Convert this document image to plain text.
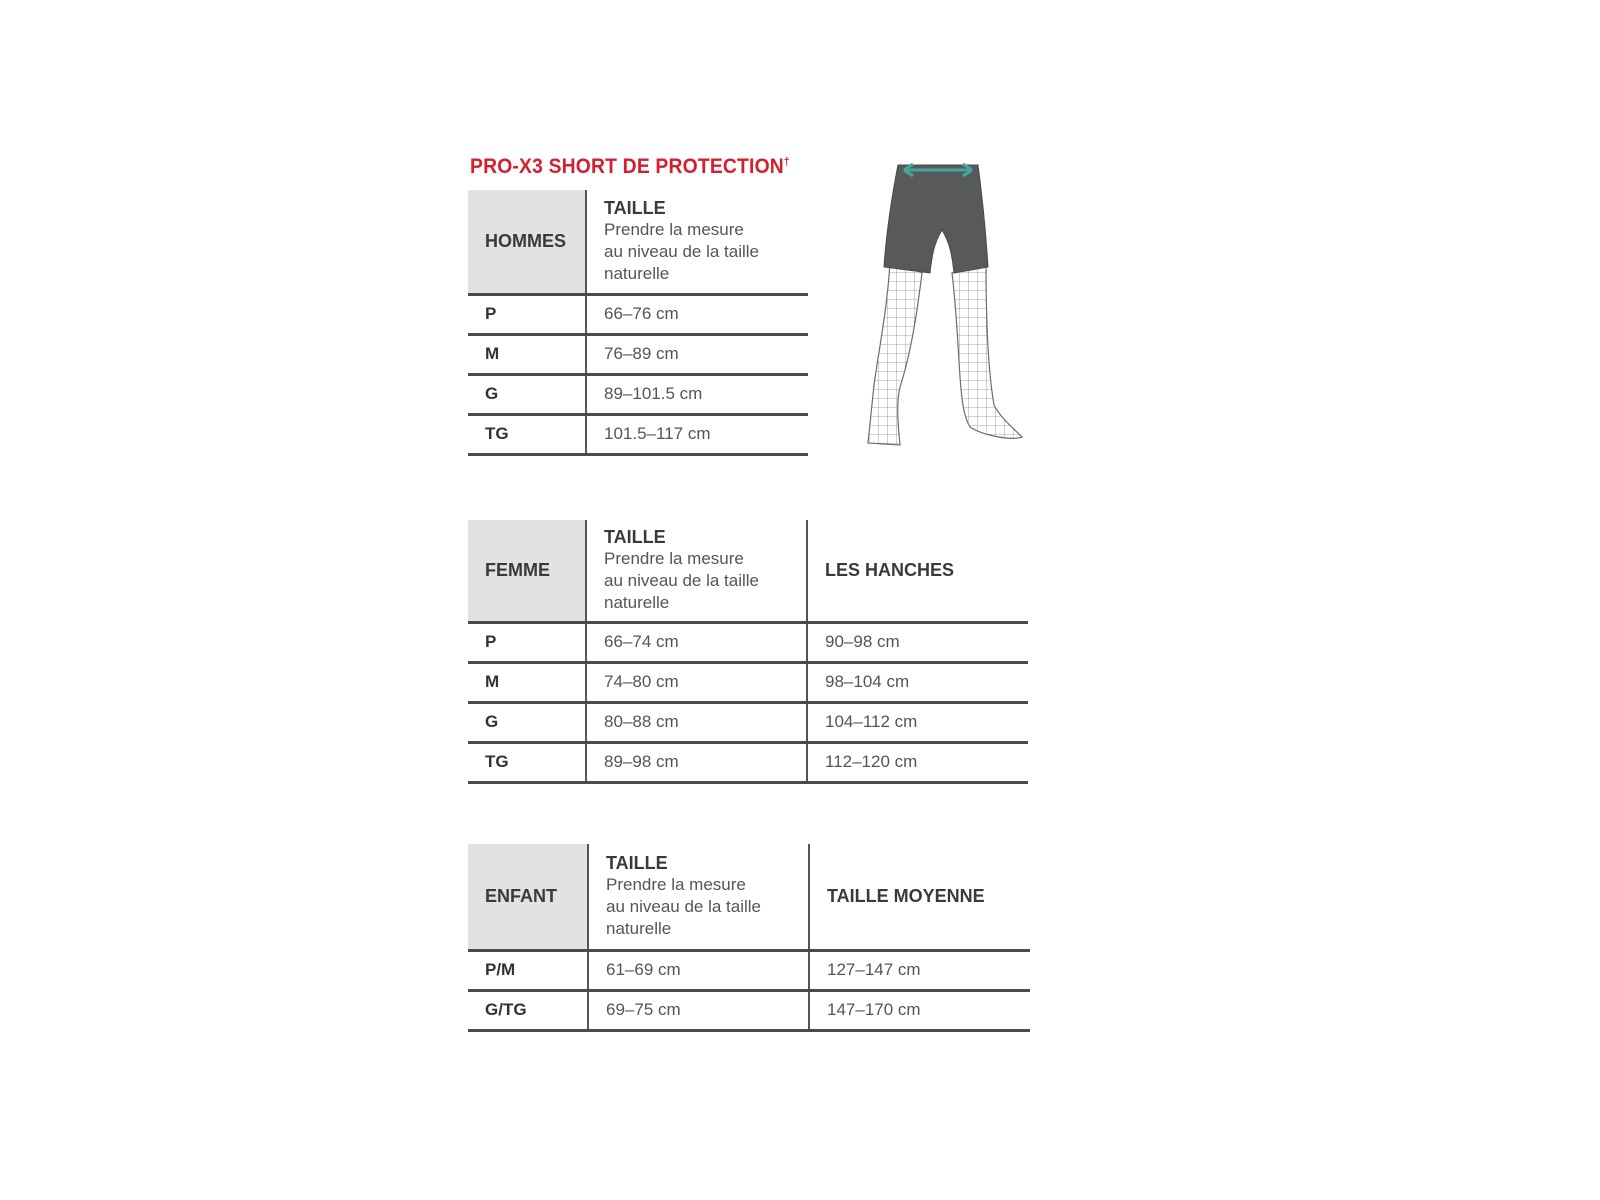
PRO-X3 SHORT DE PROTECTION†
HOMMES	TAILLE
Prendre la mesure
au niveau de la taille
naturelle

P	66–76 cm
M	76–89 cm
G	89–101.5 cm
TG	101.5–117 cm
FEMME	TAILLE
Prendre la mesure
au niveau de la taille
naturelle	LES HANCHES
P	66–74 cm	90–98 cm
M	74–80 cm	98–104 cm
G	80–88 cm	104–112 cm
TG	89–98 cm	112–120 cm
ENFANT	TAILLE
Prendre la mesure
au niveau de la taille
naturelle	TAILLE MOYENNE
P/M	61–69 cm	127–147 cm
G/TG	69–75 cm	147–170 cm
